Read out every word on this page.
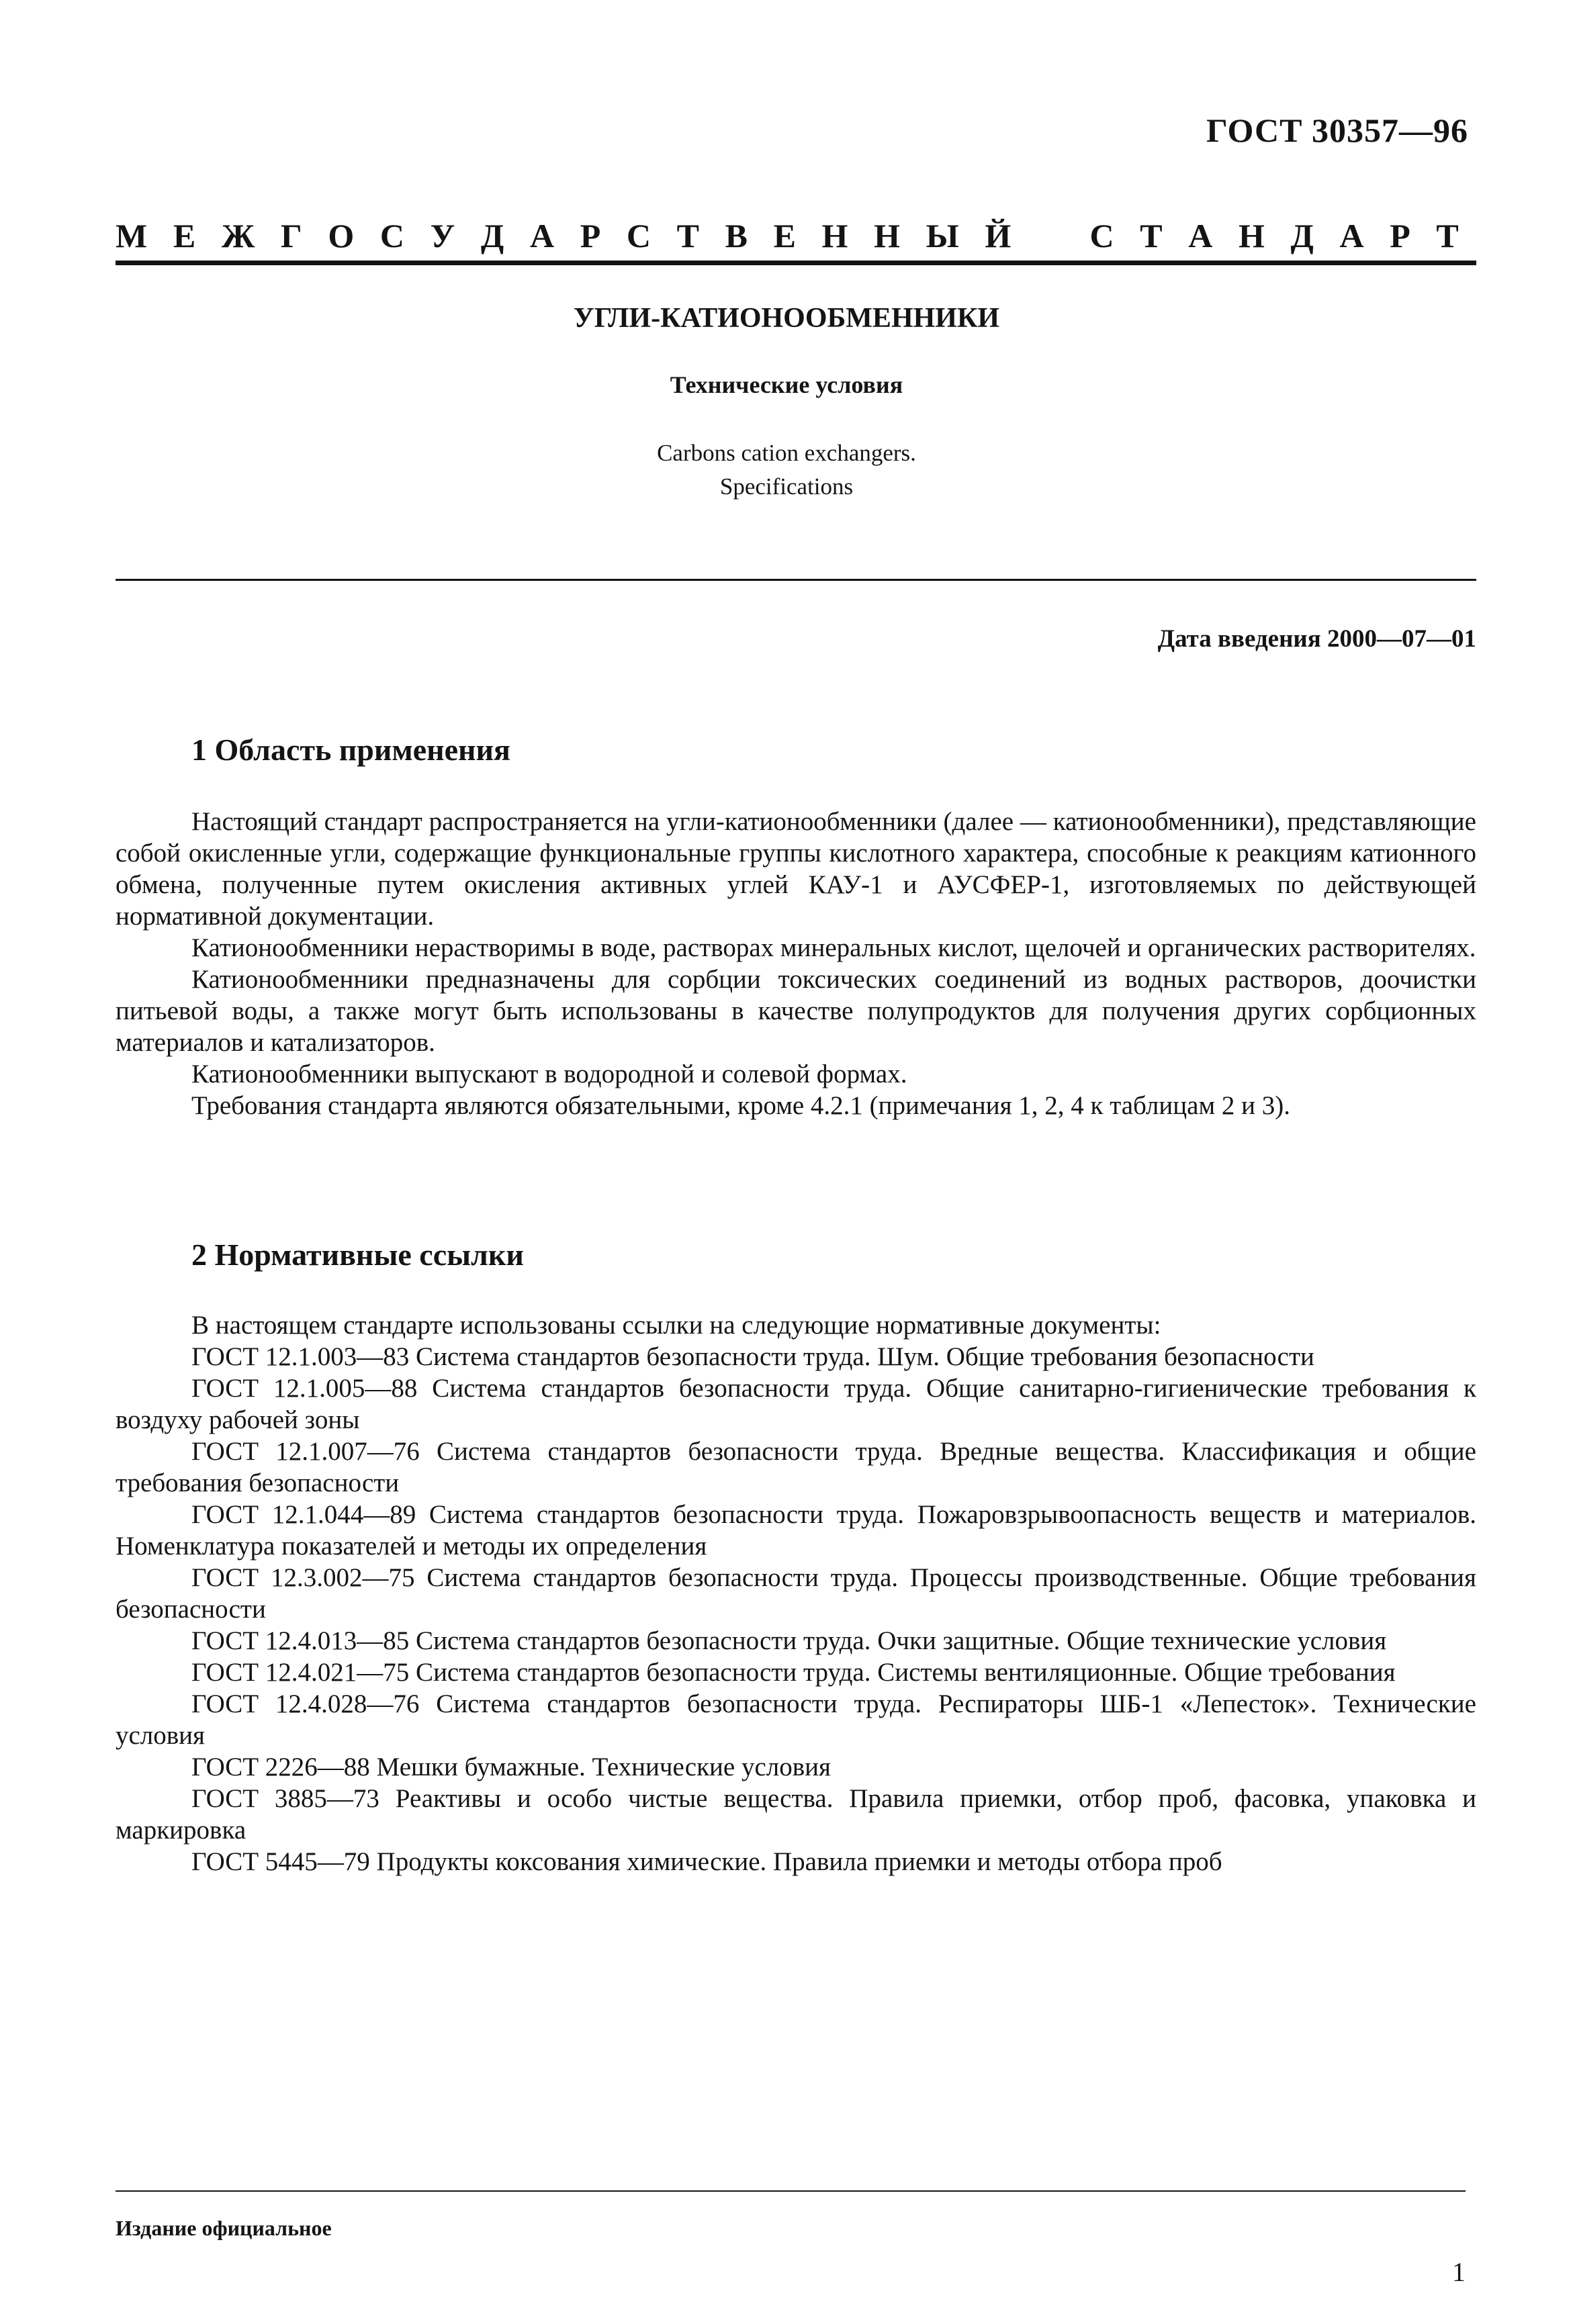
ГОСТ 30357—96
М Е Ж Г О С У Д А Р С Т В Е Н Н Ы Й С Т А Н Д А Р Т
УГЛИ-КАТИОНООБМЕННИКИ
Технические условия
Carbons cation exchangers.
Specifications
Дата введения 2000—07—01
1 Область применения

Настоящий стандарт распространяется на угли-катионообменники (далее — катионообменники), представляющие собой окисленные угли, содержащие функциональные группы кислотного характера, способные к реакциям катионного обмена, полученные путем окисления активных углей КАУ-1 и АУСФЕР-1, изготовляемых по действующей нормативной документации.

Катионообменники нерастворимы в воде, растворах минеральных кислот, щелочей и органических растворителях.

Катионообменники предназначены для сорбции токсических соединений из водных растворов, доочистки питьевой воды, а также могут быть использованы в качестве полупродуктов для получения других сорбционных материалов и катализаторов.

Катионообменники выпускают в водородной и солевой формах.

Требования стандарта являются обязательными, кроме 4.2.1 (примечания 1, 2, 4 к таблицам 2 и 3).

2 Нормативные ссылки

В настоящем стандарте использованы ссылки на следующие нормативные документы:

ГОСТ 12.1.003—83 Система стандартов безопасности труда. Шум. Общие требования безопасности

ГОСТ 12.1.005—88 Система стандартов безопасности труда. Общие санитарно-гигиенические требования к воздуху рабочей зоны

ГОСТ 12.1.007—76 Система стандартов безопасности труда. Вредные вещества. Классификация и общие требования безопасности

ГОСТ 12.1.044—89 Система стандартов безопасности труда. Пожаровзрывоопасность веществ и материалов. Номенклатура показателей и методы их определения

ГОСТ 12.3.002—75 Система стандартов безопасности труда. Процессы производственные. Общие требования безопасности

ГОСТ 12.4.013—85 Система стандартов безопасности труда. Очки защитные. Общие технические условия

ГОСТ 12.4.021—75 Система стандартов безопасности труда. Системы вентиляционные. Общие требования

ГОСТ 12.4.028—76 Система стандартов безопасности труда. Респираторы ШБ-1 «Лепесток». Технические условия

ГОСТ 2226—88 Мешки бумажные. Технические условия

ГОСТ 3885—73 Реактивы и особо чистые вещества. Правила приемки, отбор проб, фасовка, упаковка и маркировка

ГОСТ 5445—79 Продукты коксования химические. Правила приемки и методы отбора проб

Издание официальное
1
